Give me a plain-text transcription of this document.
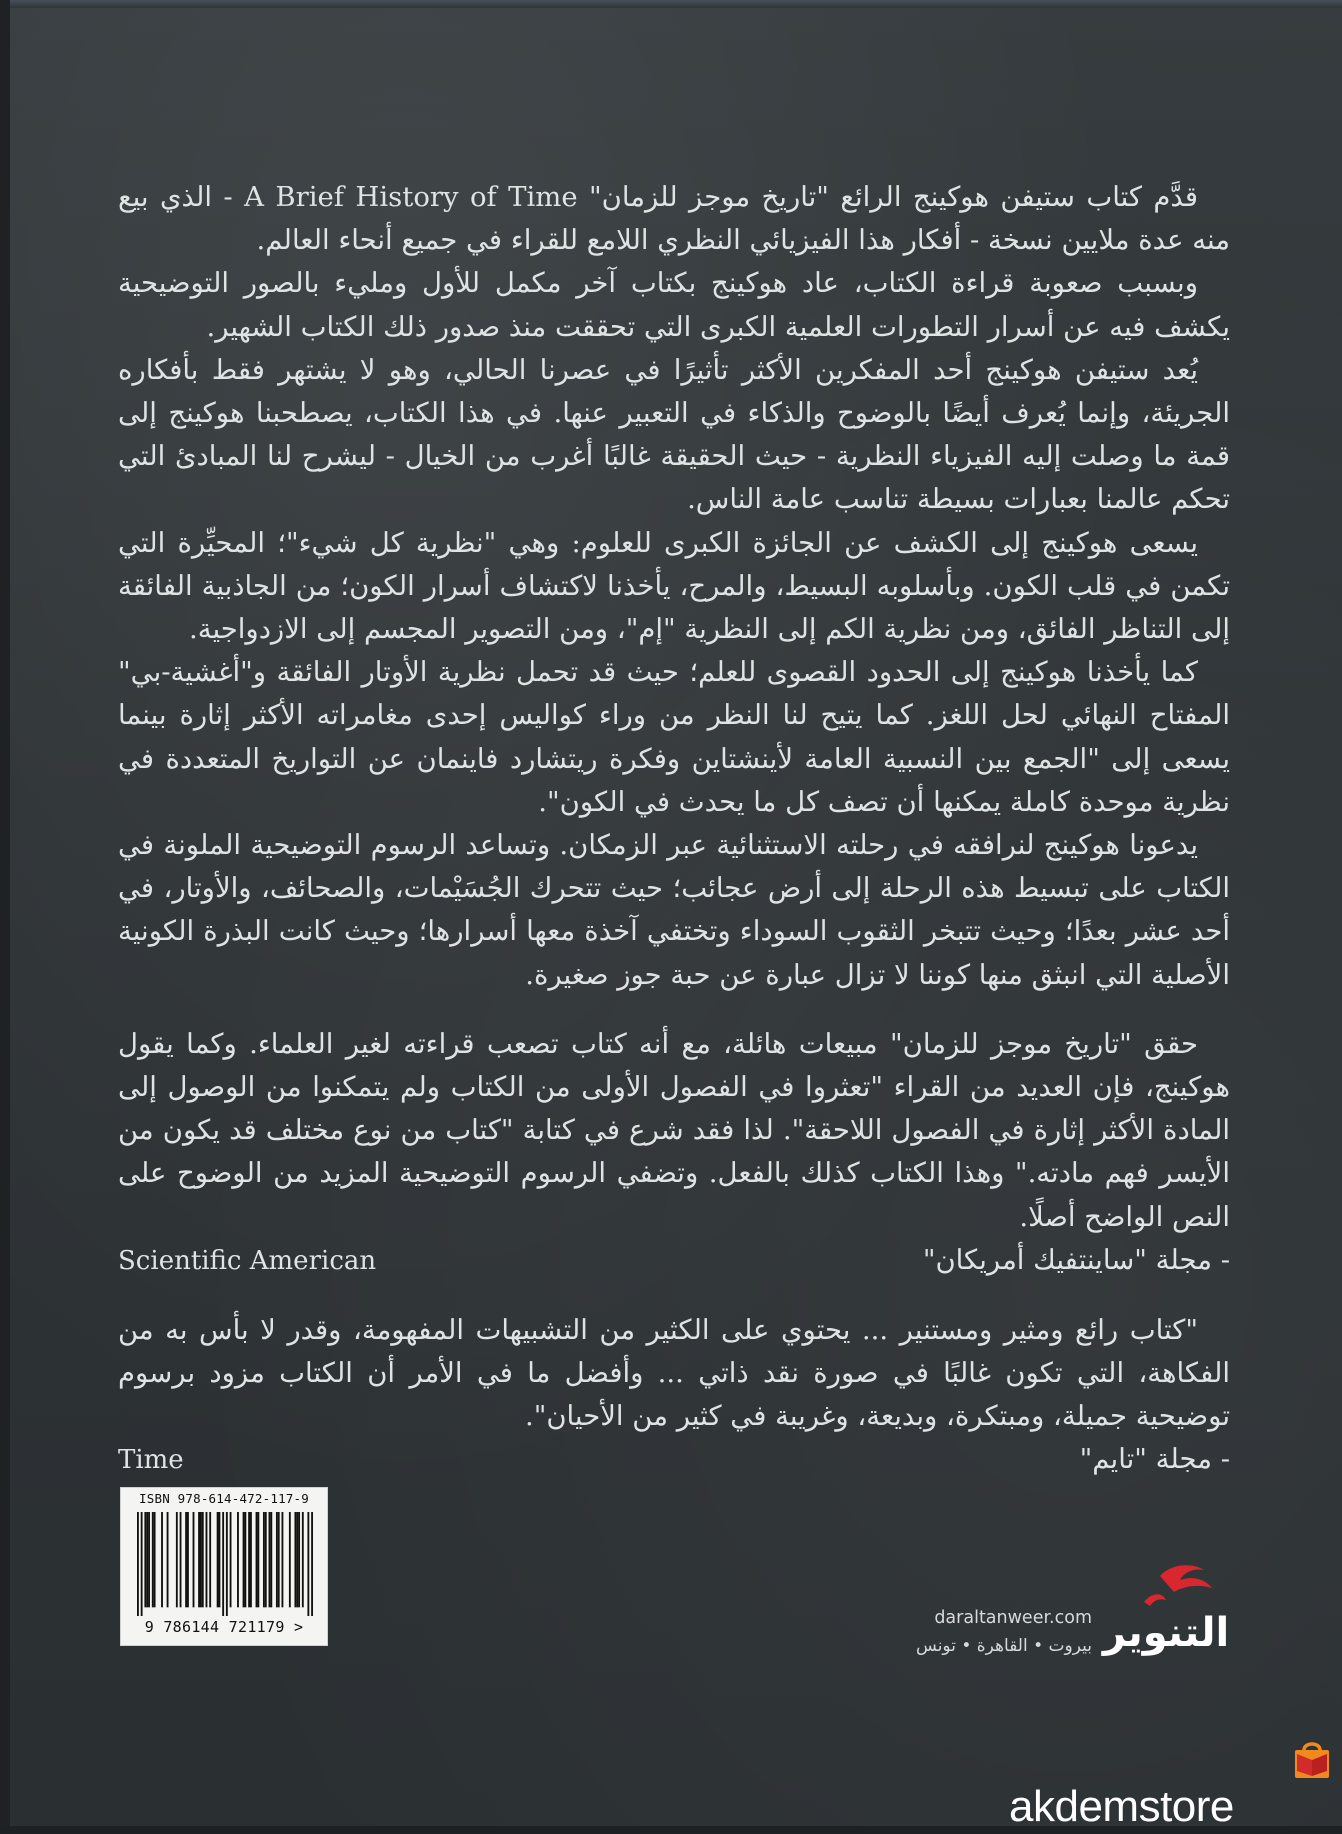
قدَّم كتاب ستيفن هوكينج الرائع "تاريخ موجز للزمان" A Brief History of Time - الذي بيع منه عدة ملايين نسخة - أفكار هذا الفيزيائي النظري اللامع للقراء في جميع أنحاء العالم.

وبسبب صعوبة قراءة الكتاب، عاد هوكينج بكتاب آخر مكمل للأول ومليء بالصور التوضيحية يكشف فيه عن أسرار التطورات العلمية الكبرى التي تحققت منذ صدور ذلك الكتاب الشهير.

يُعد ستيفن هوكينج أحد المفكرين الأكثر تأثيرًا في عصرنا الحالي، وهو لا يشتهر فقط بأفكاره الجريئة، وإنما يُعرف أيضًا بالوضوح والذكاء في التعبير عنها. في هذا الكتاب، يصطحبنا هوكينج إلى قمة ما وصلت إليه الفيزياء النظرية - حيث الحقيقة غالبًا أغرب من الخيال - ليشرح لنا المبادئ التي تحكم عالمنا بعبارات بسيطة تناسب عامة الناس.

يسعى هوكينج إلى الكشف عن الجائزة الكبرى للعلوم: وهي "نظرية كل شيء"؛ المحيِّرة التي تكمن في قلب الكون. وبأسلوبه البسيط، والمرح، يأخذنا لاكتشاف أسرار الكون؛ من الجاذبية الفائقة إلى التناظر الفائق، ومن نظرية الكم إلى النظرية "إم"، ومن التصوير المجسم إلى الازدواجية.

كما يأخذنا هوكينج إلى الحدود القصوى للعلم؛ حيث قد تحمل نظرية الأوتار الفائقة و"أغشية-بي" المفتاح النهائي لحل اللغز. كما يتيح لنا النظر من وراء كواليس إحدى مغامراته الأكثر إثارة بينما يسعى إلى "الجمع بين النسبية العامة لأينشتاين وفكرة ريتشارد فاينمان عن التواريخ المتعددة في نظرية موحدة كاملة يمكنها أن تصف كل ما يحدث في الكون".

يدعونا هوكينج لنرافقه في رحلته الاستثنائية عبر الزمكان. وتساعد الرسوم التوضيحية الملونة في الكتاب على تبسيط هذه الرحلة إلى أرض عجائب؛ حيث تتحرك الجُسَيْمات، والصحائف، والأوتار، في أحد عشر بعدًا؛ وحيث تتبخر الثقوب السوداء وتختفي آخذة معها أسرارها؛ وحيث كانت البذرة الكونية الأصلية التي انبثق منها كوننا لا تزال عبارة عن حبة جوز صغيرة.

حقق "تاريخ موجز للزمان" مبيعات هائلة، مع أنه كتاب تصعب قراءته لغير العلماء. وكما يقول هوكينج، فإن العديد من القراء "تعثروا في الفصول الأولى من الكتاب ولم يتمكنوا من الوصول إلى المادة الأكثر إثارة في الفصول اللاحقة". لذا فقد شرع في كتابة "كتاب من نوع مختلف قد يكون من الأيسر فهم مادته." وهذا الكتاب كذلك بالفعل. وتضفي الرسوم التوضيحية المزيد من الوضوح على النص الواضح أصلًا.

- مجلة "ساينتفيك أمريكان"
Scientific American

"كتاب رائع ومثير ومستنير ... يحتوي على الكثير من التشبيهات المفهومة، وقدر لا بأس به من الفكاهة، التي تكون غالبًا في صورة نقد ذاتي ... وأفضل ما في الأمر أن الكتاب مزود برسوم توضيحية جميلة، ومبتكرة، وبديعة، وغريبة في كثير من الأحيان".

- مجلة "تايم"
Time
ISBN 978-614-472-117-9
9 786144 721179 >	daraltanweer.com
بيروت • القاهرة • تونس التنوير
akdemstore
